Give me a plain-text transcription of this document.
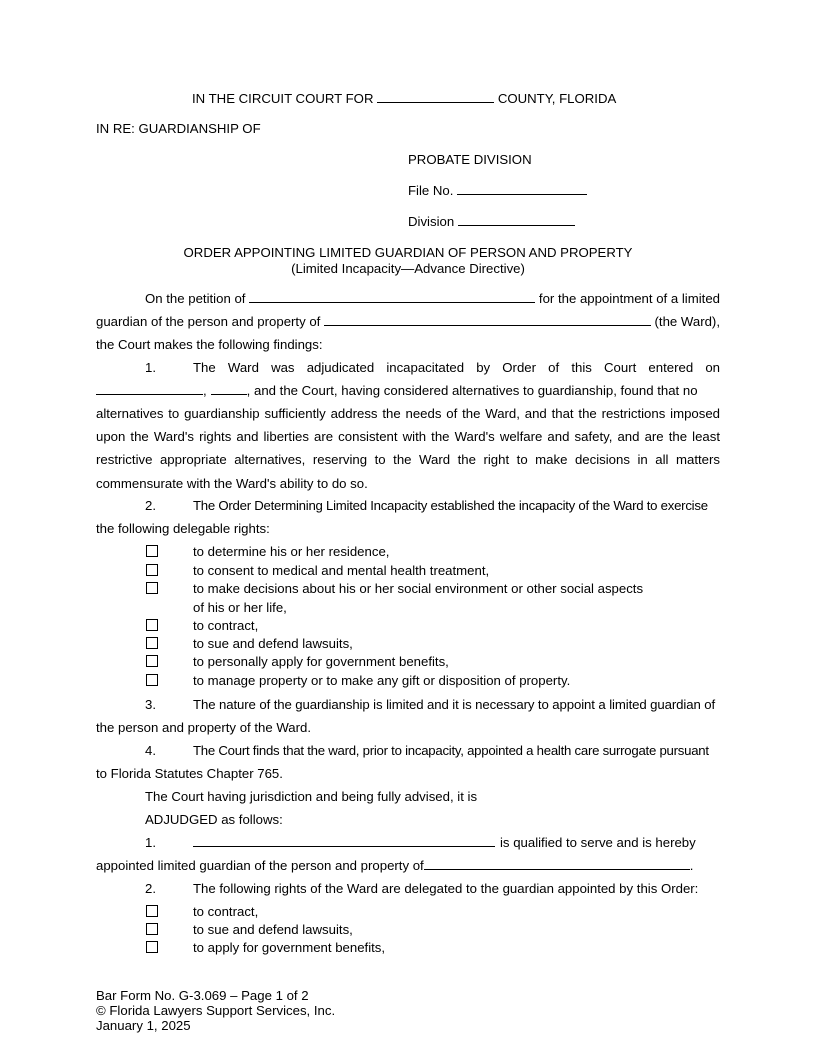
IN THE CIRCUIT COURT FOR	COUNTY, FLORIDA
IN RE: GUARDIANSHIP OF
PROBATE DIVISION
File No.
Division
ORDER APPOINTING LIMITED GUARDIAN OF PERSON AND PROPERTY
(Limited Incapacity—Advance Directive)
On the petition of	for the appointment of a limited
guardian of the person and property of	(the Ward),
the Court makes the following findings:
1.	The Ward was adjudicated incapacitated by Order of this Court entered on
,	, and the Court, having considered alternatives to guardianship, found that no
alternatives to guardianship sufficiently address the needs of the Ward, and that the restrictions imposed upon the Ward's rights and liberties are consistent with the Ward's welfare and safety, and are the least restrictive appropriate alternatives, reserving to the Ward the right to make decisions in all matters commensurate with the Ward's ability to do so.
2.	The Order Determining Limited Incapacity established the incapacity of the Ward to exercise
the following delegable rights:
to determine his or her residence,
to consent to medical and mental health treatment,
to make decisions about his or her social environment or other social aspects
of his or her life,
to contract,
to sue and defend lawsuits,
to personally apply for government benefits,
to manage property or to make any gift or disposition of property.
3.	The nature of the guardianship is limited and it is necessary to appoint a limited guardian of
the person and property of the Ward.
4.	The Court finds that the ward, prior to incapacity, appointed a health care surrogate pursuant
to Florida Statutes Chapter 765.
The Court having jurisdiction and being fully advised, it is
ADJUDGED as follows:
1.	is qualified to serve and is hereby
appointed limited guardian of the person and property of	.
2.	The following rights of the Ward are delegated to the guardian appointed by this Order:
to contract,
to sue and defend lawsuits,
to apply for government benefits,
Bar Form No. G-3.069 – Page 1 of 2
© Florida Lawyers Support Services, Inc.
January 1, 2025
